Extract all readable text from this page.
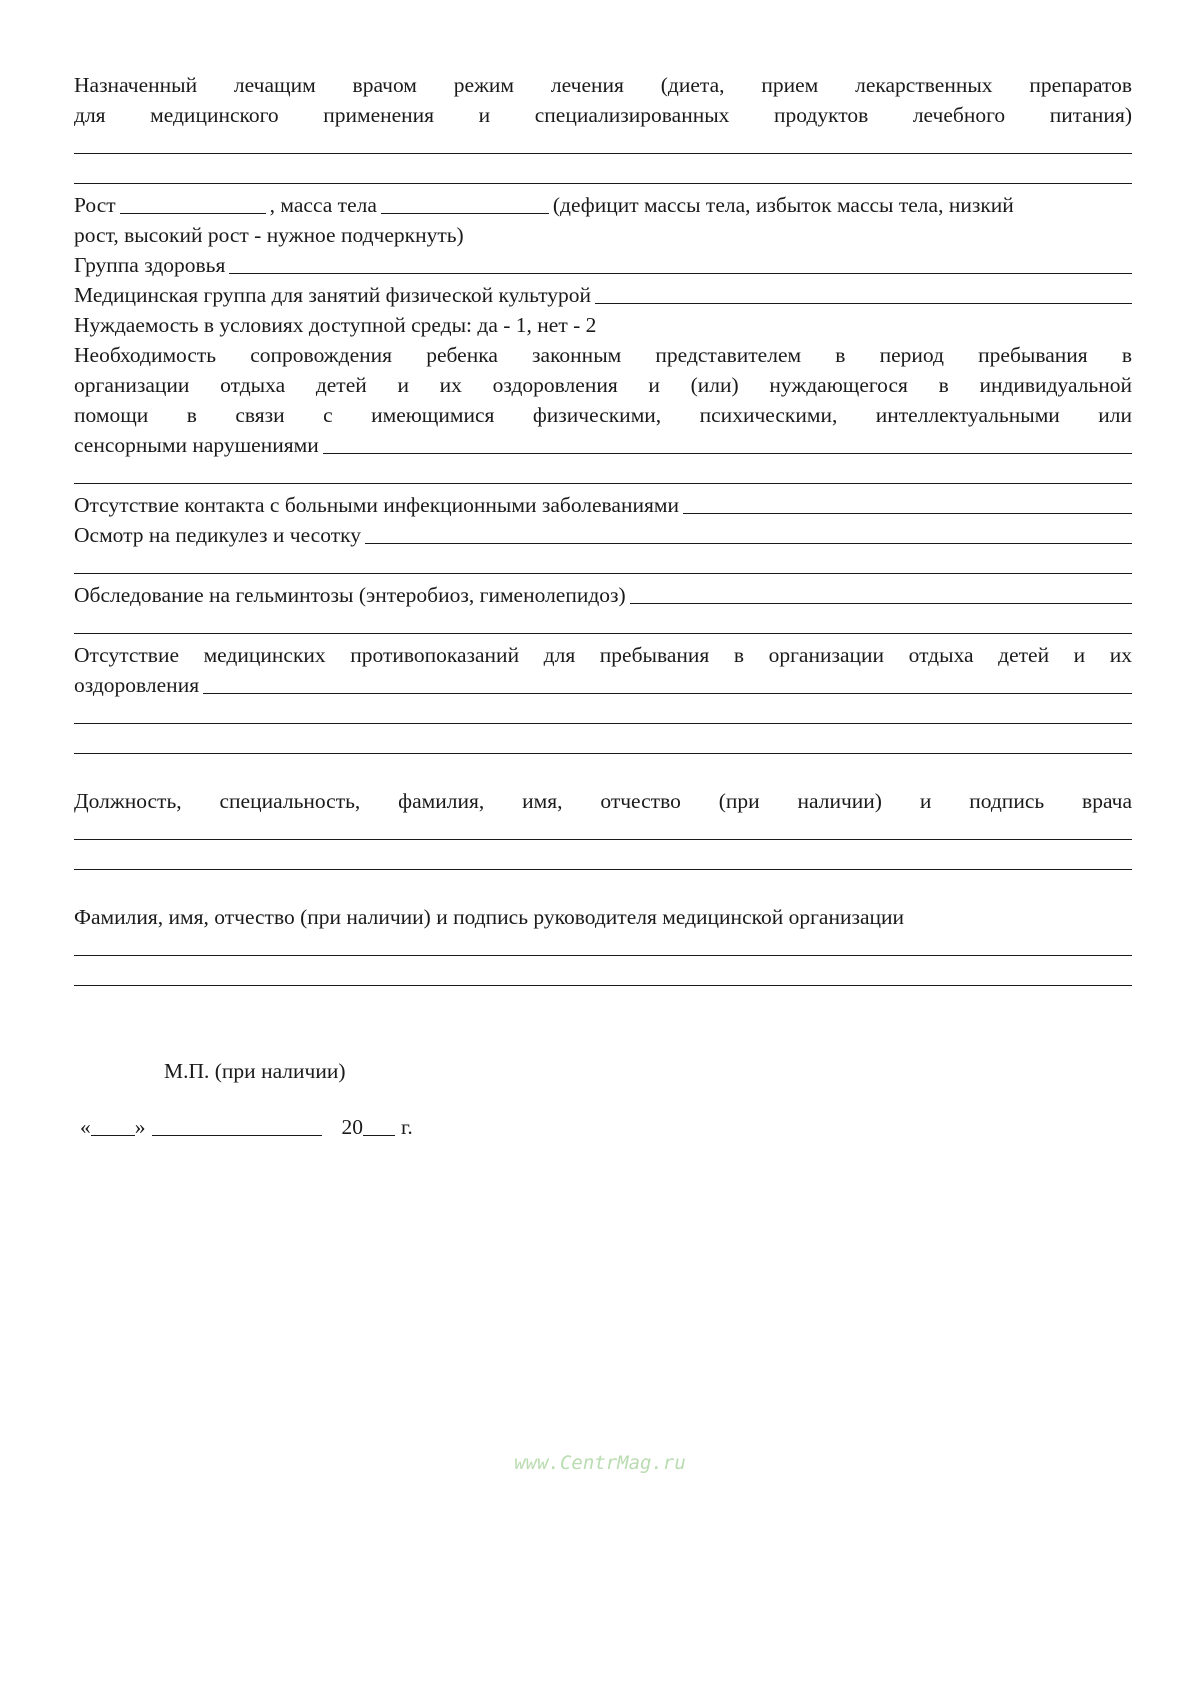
Назначенный лечащим врачом режим лечения (диета, прием лекарственных препаратов

для медицинского применения и специализированных продуктов лечебного питания)

Рост	, масса тела	(дефицит массы тела, избыток массы тела, низкий

рост, высокий рост - нужное подчеркнуть)

Группа здоровья
Медицинская группа для занятий физической культурой

Нуждаемость в условиях доступной среды: да - 1, нет - 2

Необходимость сопровождения ребенка законным представителем в период пребывания в

организации отдыха детей и их оздоровления и (или) нуждающегося в индивидуальной

помощи в связи с имеющимися физическими, психическими, интеллектуальными или

сенсорными нарушениями
Отсутствие контакта с больными инфекционными заболеваниями
Осмотр на педикулез и чесотку
Обследование на гельминтозы (энтеробиоз, гименолепидоз)

Отсутствие медицинских противопоказаний для пребывания в организации отдыха детей и их

оздоровления

Должность, специальность, фамилия, имя, отчество (при наличии) и подпись врача

Фамилия, имя, отчество (при наличии) и подпись руководителя медицинской организации

М.П. (при наличии)

« »	20 г.
www.CentrMag.ru
